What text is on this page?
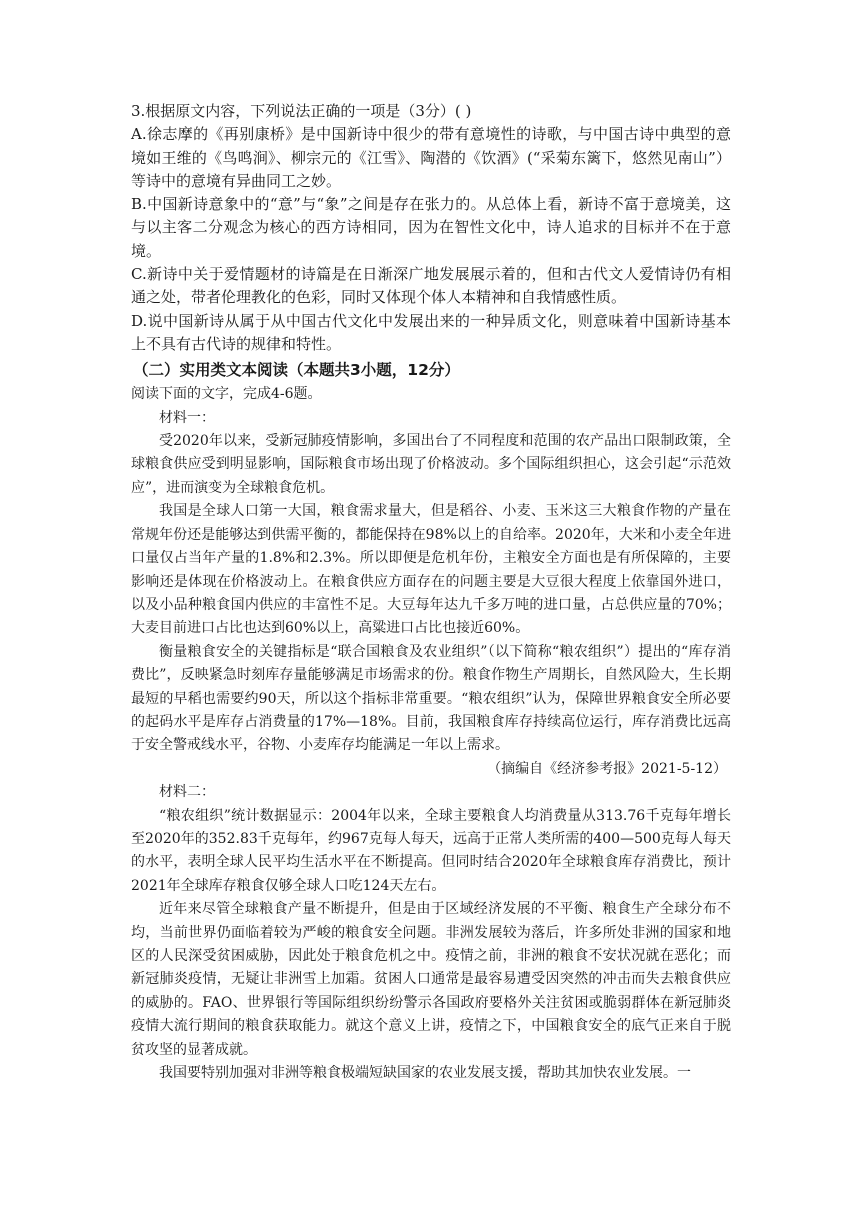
3.根据原文内容，下列说法正确的一项是（3分）( )

A.徐志摩的《再别康桥》是中国新诗中很少的带有意境性的诗歌，与中国古诗中典型的意境如王维的《鸟鸣涧》、柳宗元的《江雪》、陶潜的《饮酒》(“采菊东篱下，悠然见南山”）等诗中的意境有异曲同工之妙。

B.中国新诗意象中的“意”与“象”之间是存在张力的。从总体上看，新诗不富于意境美，这与以主客二分观念为核心的西方诗相同，因为在智性文化中，诗人追求的目标并不在于意境。

C.新诗中关于爱情题材的诗篇是在日渐深广地发展展示着的，但和古代文人爱情诗仍有相通之处，带者伦理教化的色彩，同时又体现个体人本精神和自我情感性质。

D.说中国新诗从属于从中国古代文化中发展出来的一种异质文化，则意味着中国新诗基本上不具有古代诗的规律和特性。

（二）实用类文本阅读（本题共3小题，12分）

阅读下面的文字，完成4-6题。

材料一：

受2020年以来，受新冠肺疫情影响，多国出台了不同程度和范围的农产品出口限制政策，全球粮食供应受到明显影响，国际粮食市场出现了价格波动。多个国际组织担心，这会引起“示范效应”，进而演变为全球粮食危机。

我国是全球人口第一大国，粮食需求量大，但是稻谷、小麦、玉米这三大粮食作物的产量在常规年份还是能够达到供需平衡的，都能保持在98%以上的自给率。2020年，大米和小麦全年进口量仅占当年产量的1.8%和2.3%。所以即便是危机年份，主粮安全方面也是有所保障的，主要影响还是体现在价格波动上。在粮食供应方面存在的问题主要是大豆很大程度上依靠国外进口，以及小品种粮食国内供应的丰富性不足。大豆每年达九千多万吨的进口量，占总供应量的70%；大麦目前进口占比也达到60%以上，高粱进口占比也接近60%。

衡量粮食安全的关键指标是“联合国粮食及农业组织”（以下简称“粮农组织”）提出的“库存消费比”，反映紧急时刻库存量能够满足市场需求的份。粮食作物生产周期长，自然风险大，生长期最短的早稻也需要约90天，所以这个指标非常重要。“粮农组织”认为，保障世界粮食安全所必要的起码水平是库存占消费量的17%—18%。目前，我国粮食库存持续高位运行，库存消费比远高于安全警戒线水平，谷物、小麦库存均能满足一年以上需求。

（摘编自《经济参考报》2021-5-12）

材料二：

“粮农组织”统计数据显示：2004年以来，全球主要粮食人均消费量从313.76千克每年增长至2020年的352.83千克每年，约967克每人每天，远高于正常人类所需的400—500克每人每天的水平，表明全球人民平均生活水平在不断提高。但同时结合2020年全球粮食库存消费比，预计2021年全球库存粮食仅够全球人口吃124天左右。

近年来尽管全球粮食产量不断提升，但是由于区域经济发展的不平衡、粮食生产全球分布不均，当前世界仍面临着较为严峻的粮食安全问题。非洲发展较为落后，许多所处非洲的国家和地区的人民深受贫困威胁，因此处于粮食危机之中。疫情之前，非洲的粮食不安状况就在恶化；而新冠肺炎疫情，无疑让非洲雪上加霜。贫困人口通常是最容易遭受因突然的冲击而失去粮食供应的威胁的。FAO、世界银行等国际组织纷纷警示各国政府要格外关注贫困或脆弱群体在新冠肺炎疫情大流行期间的粮食获取能力。就这个意义上讲，疫情之下，中国粮食安全的底气正来自于脱贫攻坚的显著成就。

我国要特别加强对非洲等粮食极端短缺国家的农业发展支援，帮助其加快农业发展。一
